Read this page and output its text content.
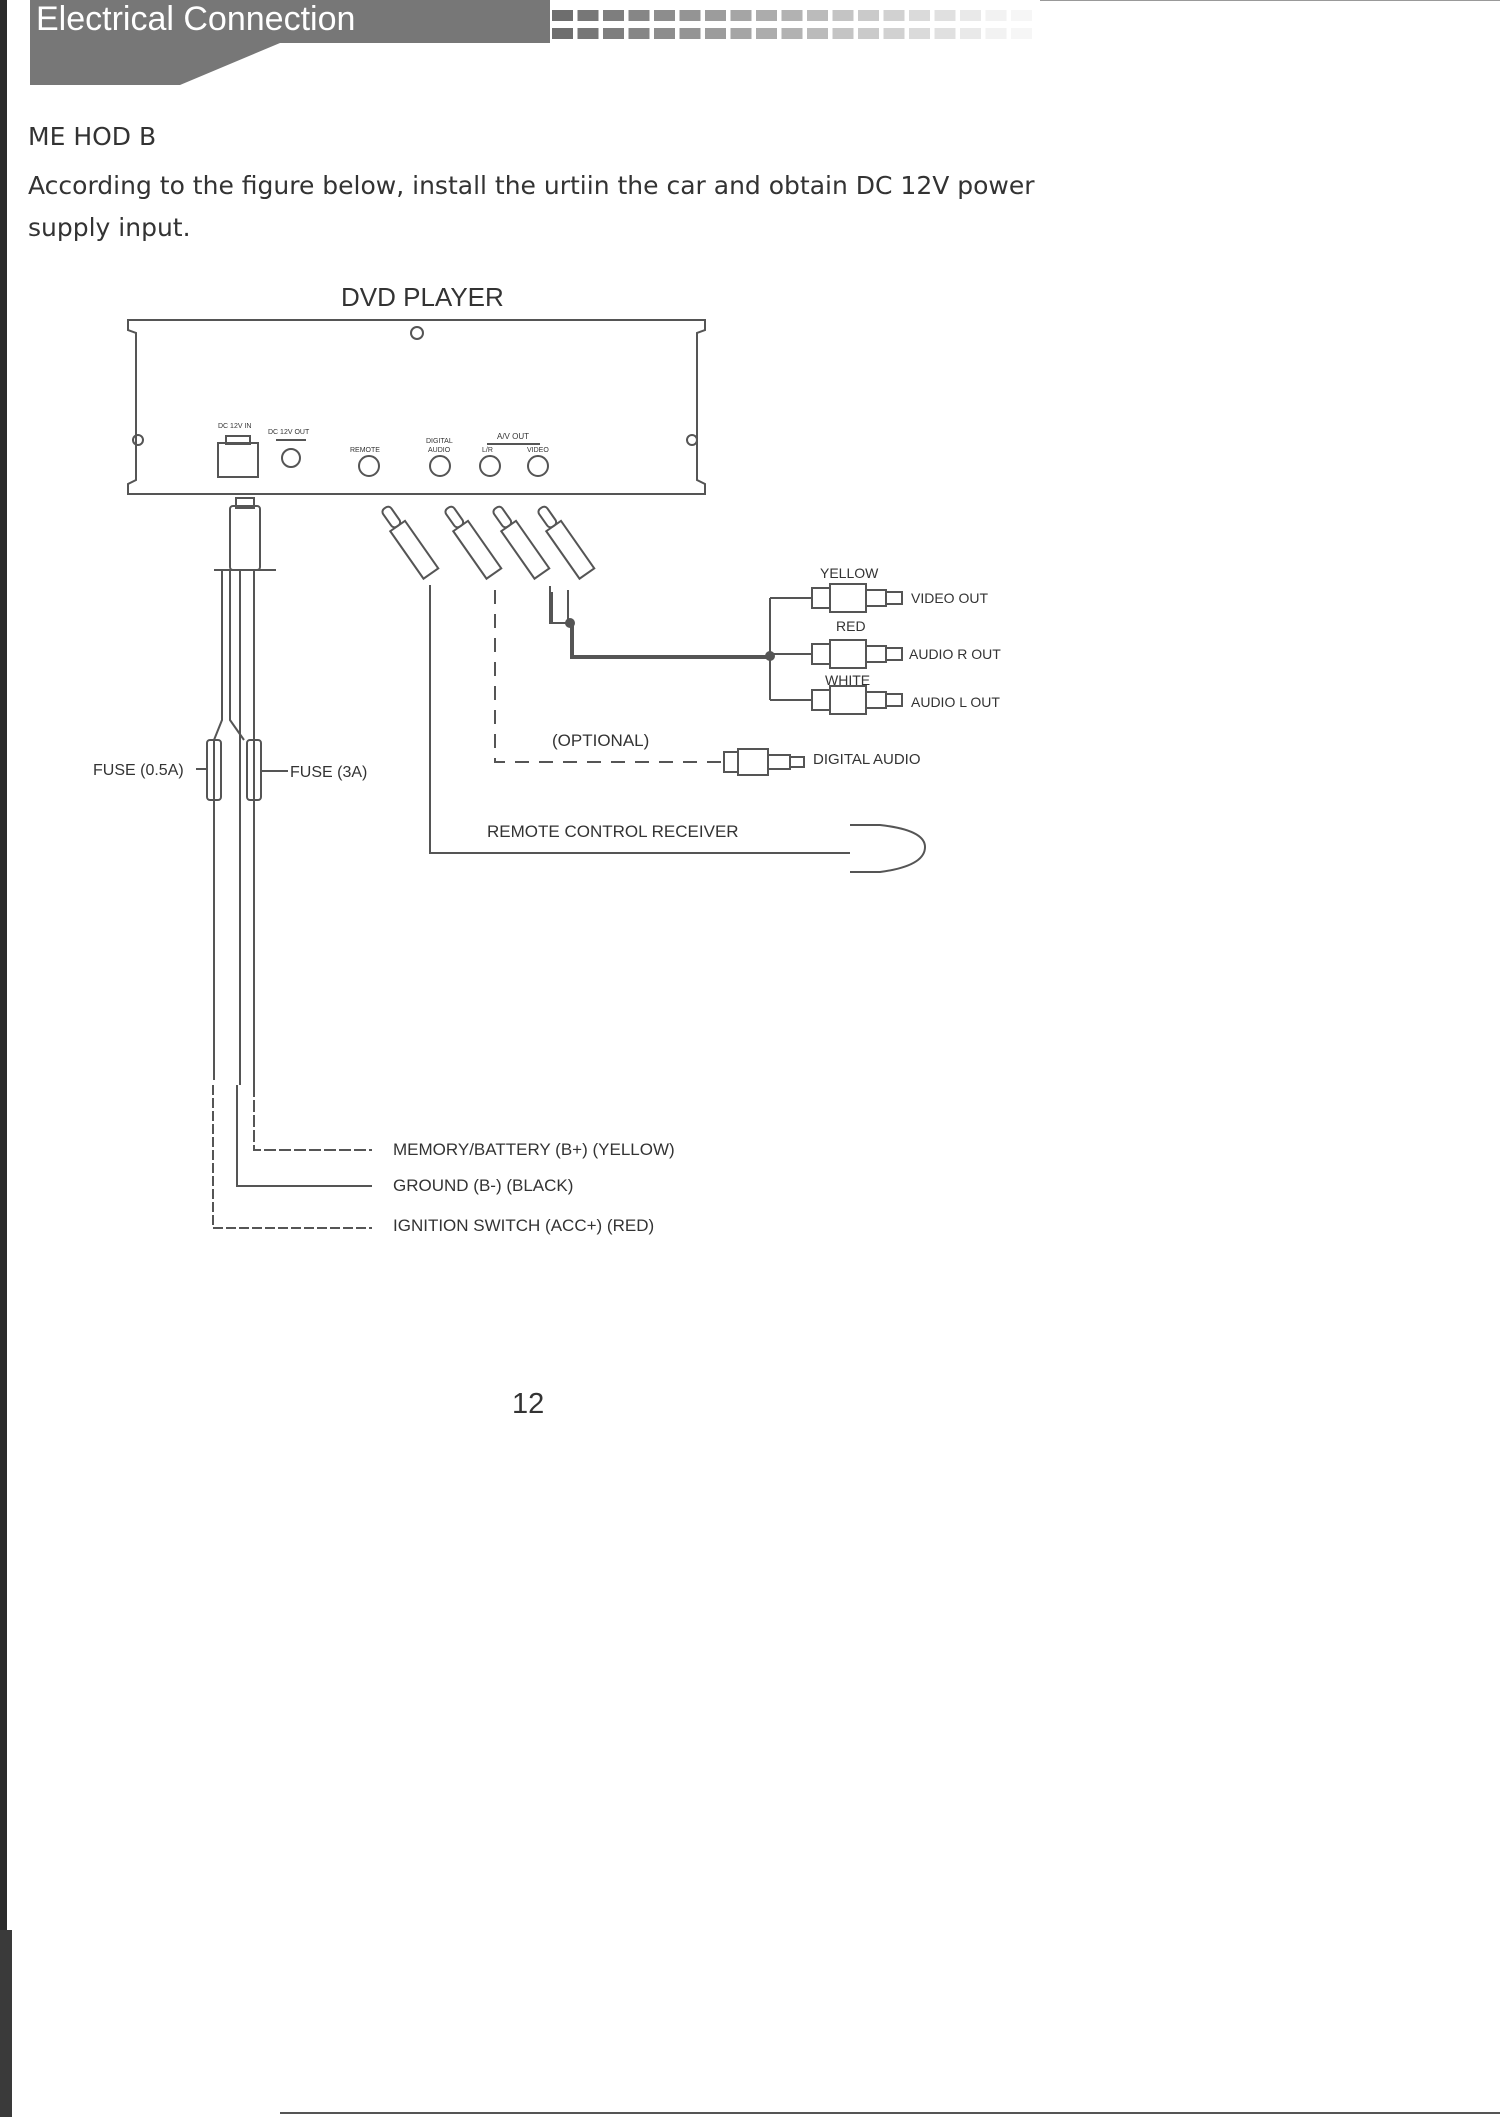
Electrical Connection
ME HOD B
According to the figure below, install the urtiin the car and obtain DC 12V power supply input.
DVD PLAYER
DC 12V IN
DC 12V OUT
REMOTE
DIGITAL
AUDIO
A/V OUT
L/R	VIDEO
YELLOW
VIDEO OUT
RED
AUDIO R OUT
WHITE
AUDIO L OUT
(OPTIONAL)
DIGITAL AUDIO
REMOTE CONTROL RECEIVER
FUSE (0.5A)	FUSE (3A)
MEMORY/BATTERY (B+) (YELLOW)
GROUND (B-) (BLACK)
IGNITION SWITCH (ACC+) (RED)
12
